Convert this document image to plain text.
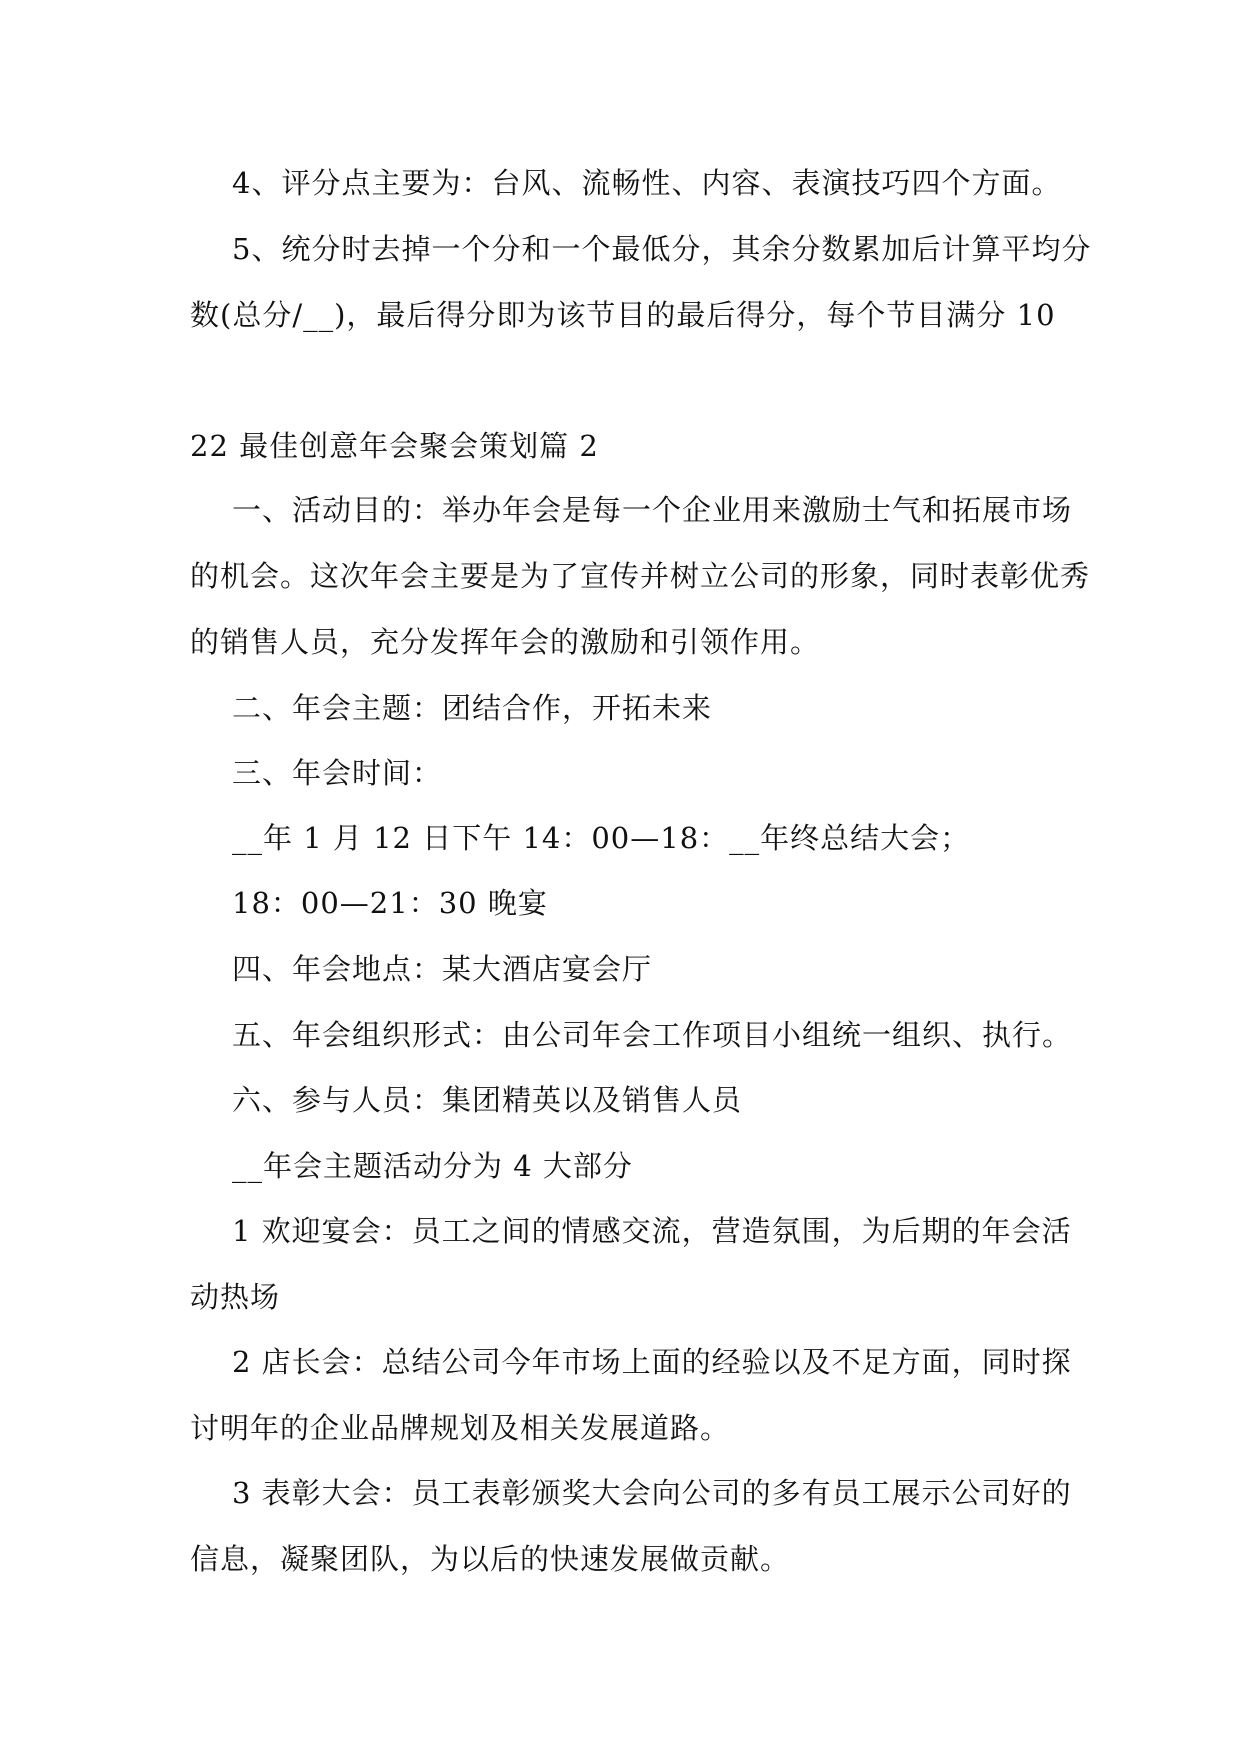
4、评分点主要为：台风、流畅性、内容、表演技巧四个方面。
5、统分时去掉一个分和一个最低分，其余分数累加后计算平均分
数(总分/__)，最后得分即为该节目的最后得分，每个节目满分 10
22 最佳创意年会聚会策划篇 2
一、活动目的：举办年会是每一个企业用来激励士气和拓展市场
的机会。这次年会主要是为了宣传并树立公司的形象，同时表彰优秀
的销售人员，充分发挥年会的激励和引领作用。
二、年会主题：团结合作，开拓未来
三、年会时间：
__年 1 月 12 日下午 14：00—18：__年终总结大会；
18：00—21：30 晚宴
四、年会地点：某大酒店宴会厅
五、年会组织形式：由公司年会工作项目小组统一组织、执行。
六、参与人员：集团精英以及销售人员
__年会主题活动分为 4 大部分
1 欢迎宴会：员工之间的情感交流，营造氛围，为后期的年会活
动热场
2 店长会：总结公司今年市场上面的经验以及不足方面，同时探
讨明年的企业品牌规划及相关发展道路。
3 表彰大会：员工表彰颁奖大会向公司的多有员工展示公司好的
信息，凝聚团队，为以后的快速发展做贡献。
